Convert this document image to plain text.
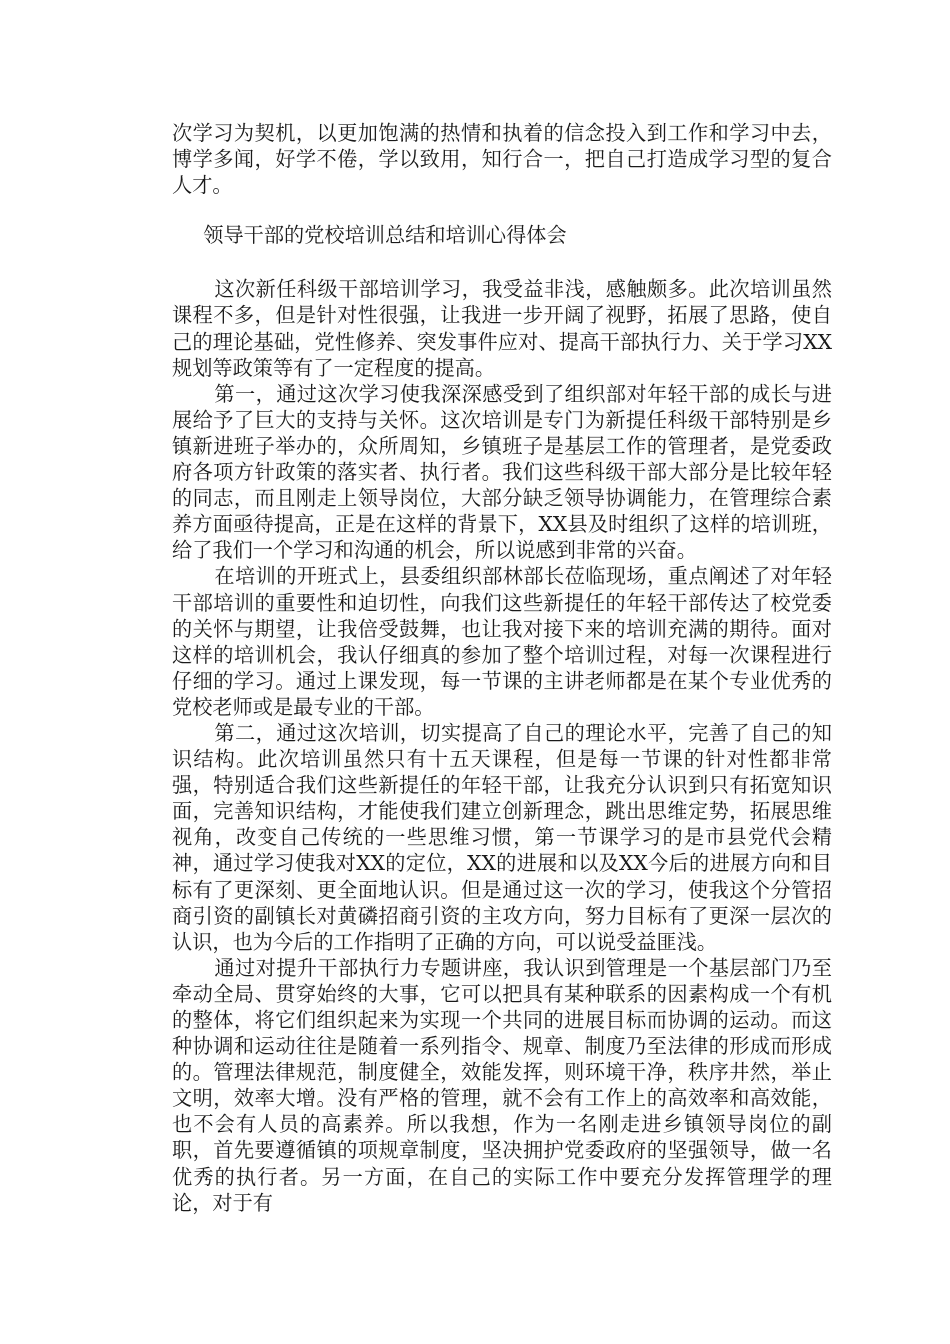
次学习为契机，以更加饱满的热情和执着的信念投入到工作和学习中去，博学多闻，好学不倦，学以致用，知行合一，把自己打造成学习型的复合人才。

领导干部的党校培训总结和培训心得体会

这次新任科级干部培训学习，我受益非浅，感触颇多。此次培训虽然课程不多，但是针对性很强，让我进一步开阔了视野，拓展了思路，使自己的理论基础，党性修养、突发事件应对、提高干部执行力、关于学习XX规划等政策等有了一定程度的提高。

第一，通过这次学习使我深深感受到了组织部对年轻干部的成长与进展给予了巨大的支持与关怀。这次培训是专门为新提任科级干部特别是乡镇新进班子举办的，众所周知，乡镇班子是基层工作的管理者，是党委政府各项方针政策的落实者、执行者。我们这些科级干部大部分是比较年轻的同志，而且刚走上领导岗位，大部分缺乏领导协调能力，在管理综合素养方面亟待提高，正是在这样的背景下，XX县及时组织了这样的培训班，给了我们一个学习和沟通的机会，所以说感到非常的兴奋。

在培训的开班式上，县委组织部林部长莅临现场，重点阐述了对年轻干部培训的重要性和迫切性，向我们这些新提任的年轻干部传达了校党委的关怀与期望，让我倍受鼓舞，也让我对接下来的培训充满的期待。面对这样的培训机会，我认仔细真的参加了整个培训过程，对每一次课程进行仔细的学习。通过上课发现，每一节课的主讲老师都是在某个专业优秀的党校老师或是最专业的干部。

第二，通过这次培训，切实提高了自己的理论水平，完善了自己的知识结构。此次培训虽然只有十五天课程，但是每一节课的针对性都非常强，特别适合我们这些新提任的年轻干部，让我充分认识到只有拓宽知识面，完善知识结构，才能使我们建立创新理念，跳出思维定势，拓展思维视角，改变自己传统的一些思维习惯，第一节课学习的是市县党代会精神，通过学习使我对XX的定位，XX的进展和以及XX今后的进展方向和目标有了更深刻、更全面地认识。但是通过这一次的学习，使我这个分管招商引资的副镇长对黄磷招商引资的主攻方向，努力目标有了更深一层次的认识，也为今后的工作指明了正确的方向，可以说受益匪浅。

通过对提升干部执行力专题讲座，我认识到管理是一个基层部门乃至牵动全局、贯穿始终的大事，它可以把具有某种联系的因素构成一个有机的整体，将它们组织起来为实现一个共同的进展目标而协调的运动。而这种协调和运动往往是随着一系列指令、规章、制度乃至法律的形成而形成的。管理法律规范，制度健全，效能发挥，则环境干净，秩序井然，举止文明，效率大增。没有严格的管理，就不会有工作上的高效率和高效能，也不会有人员的高素养。所以我想，作为一名刚走进乡镇领导岗位的副职，首先要遵循镇的项规章制度，坚决拥护党委政府的坚强领导，做一名优秀的执行者。另一方面，在自己的实际工作中要充分发挥管理学的理论，对于有
